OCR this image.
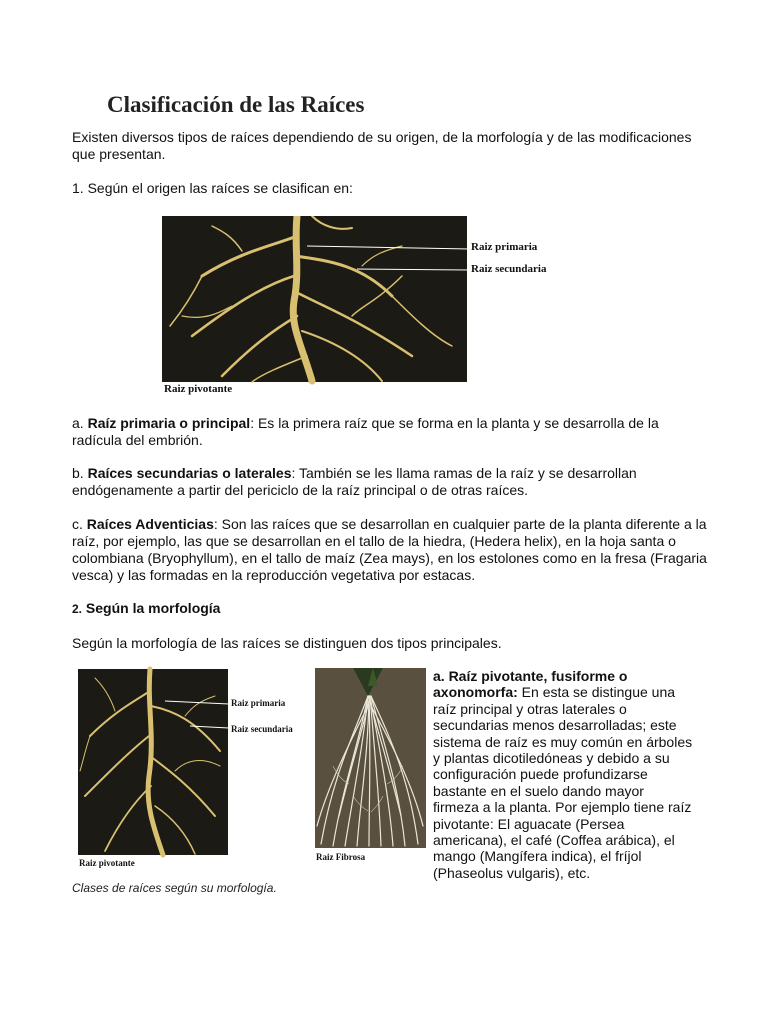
Clasificación de las Raíces

Existen diversos tipos de raíces dependiendo de su origen, de la morfología y de las modificaciones que presentan.

1. Según el origen las raíces se clasifican en:

Raiz primaria
Raiz secundaria
Raiz pivotante

a. Raíz primaria o principal: Es la primera raíz que se forma en la planta y se desarrolla de la radícula del embrión.

b. Raíces secundarias o laterales: También se les llama ramas de la raíz y se desarrollan endógenamente a partir del periciclo de la raíz principal o de otras raíces.

c. Raíces Adventicias: Son las raíces que se desarrollan en cualquier parte de la planta diferente a la raíz, por ejemplo, las que se desarrollan en el tallo de la hiedra, (Hedera helix), en la hoja santa o colombiana (Bryophyllum), en el tallo de maíz (Zea mays), en los estolones como en la fresa (Fragaria vesca) y las formadas en la reproducción vegetativa por estacas.

2. Según la morfología

Según la morfología de las raíces se distinguen dos tipos principales.

Raiz primaria
Raiz secundaria
Raiz pivotante
Raiz Fibrosa

Clases de raíces según su morfología.

a. Raíz pivotante, fusiforme o axonomorfa: En esta se distingue una raíz principal y otras laterales o secundarias menos desarrolladas; este sistema de raíz es muy común en árboles y plantas dicotiledóneas y debido a su configuración puede profundizarse bastante en el suelo dando mayor firmeza a la planta. Por ejemplo tiene raíz pivotante: El aguacate (Persea americana), el café (Coffea arábica), el mango (Mangífera indica), el fríjol (Phaseolus vulgaris), etc.
